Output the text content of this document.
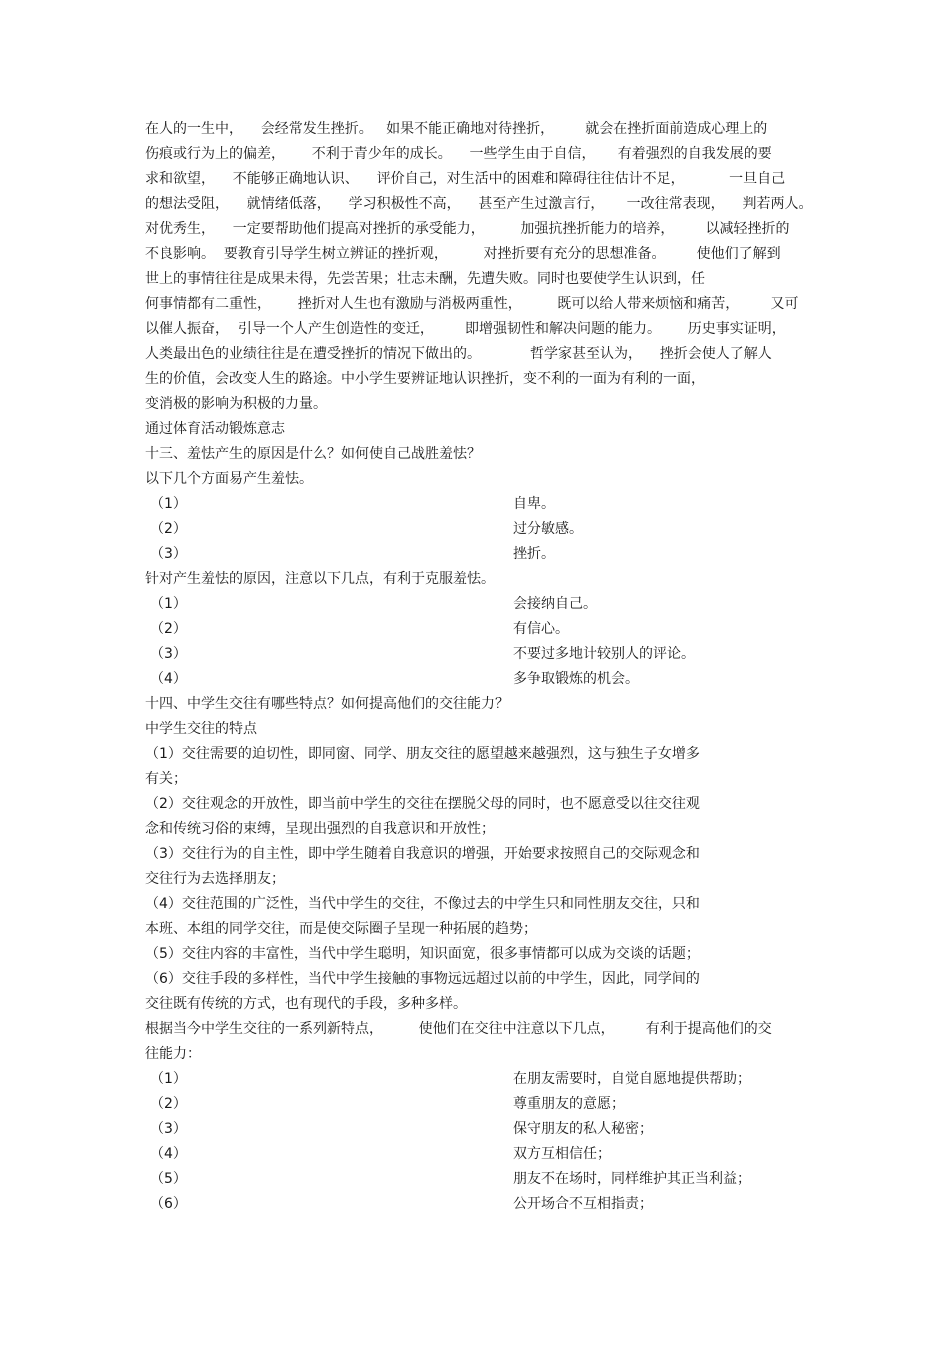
在人的一生中，    会经常发生挫折。   如果不能正确地对待挫折，       就会在挫折面前造成心理上的
伤痕或行为上的偏差，      不利于青少年的成长。    一些学生由于自信，     有着强烈的自我发展的要
求和欲望，    不能够正确地认识、    评价自己，对生活中的困难和障碍往往估计不足，          一旦自己
的想法受阻，    就情绪低落，    学习积极性不高，    甚至产生过激言行，     一改往常表现，    判若两人。
对优秀生，    一定要帮助他们提高对挫折的承受能力，        加强抗挫折能力的培养，       以减轻挫折的
不良影响。  要教育引导学生树立辨证的挫折观，        对挫折要有充分的思想准备。       使他们了解到
世上的事情往往是成果未得，先尝苦果；壮志未酬，先遭失败。同时也要使学生认识到，任
何事情都有二重性，      挫折对人生也有激励与消极两重性，        既可以给人带来烦恼和痛苦，       又可
以催人振奋，  引导一个人产生创造性的变迁，       即增强韧性和解决问题的能力。      历史事实证明，
人类最出色的业绩往往是在遭受挫折的情况下做出的。           哲学家甚至认为，    挫折会使人了解人
生的价值，会改变人生的路途。中小学生要辨证地认识挫折，变不利的一面为有利的一面，
变消极的影响为积极的力量。
通过体育活动锻炼意志
十三、羞怯产生的原因是什么？如何使自己战胜羞怯？
以下几个方面易产生羞怯。
（1）	自卑。
（2）	过分敏感。
（3）	挫折。
针对产生羞怯的原因，注意以下几点，有利于克服羞怯。
（1）	会接纳自己。
（2）	有信心。
（3）	不要过多地计较别人的评论。
（4）	多争取锻炼的机会。
十四、中学生交往有哪些特点？如何提高他们的交往能力？
中学生交往的特点
（1）交往需要的迫切性，即同窗、同学、朋友交往的愿望越来越强烈，这与独生子女增多
有关；
（2）交往观念的开放性，即当前中学生的交往在摆脱父母的同时，也不愿意受以往交往观
念和传统习俗的束缚，呈现出强烈的自我意识和开放性；
（3）交往行为的自主性，即中学生随着自我意识的增强，开始要求按照自己的交际观念和
交往行为去选择朋友；
（4）交往范围的广泛性，当代中学生的交往，不像过去的中学生只和同性朋友交往，只和
本班、本组的同学交往，而是使交际圈子呈现一种拓展的趋势；
（5）交往内容的丰富性，当代中学生聪明，知识面宽，很多事情都可以成为交谈的话题；
（6）交往手段的多样性，当代中学生接触的事物远远超过以前的中学生，因此，同学间的
交往既有传统的方式，也有现代的手段，多种多样。
根据当今中学生交往的一系列新特点，        使他们在交往中注意以下几点，       有利于提高他们的交
往能力：
（1）	在朋友需要时，自觉自愿地提供帮助；
（2）	尊重朋友的意愿；
（3）	保守朋友的私人秘密；
（4）	双方互相信任；
（5）	朋友不在场时，同样维护其正当利益；
（6）	公开场合不互相指责；
